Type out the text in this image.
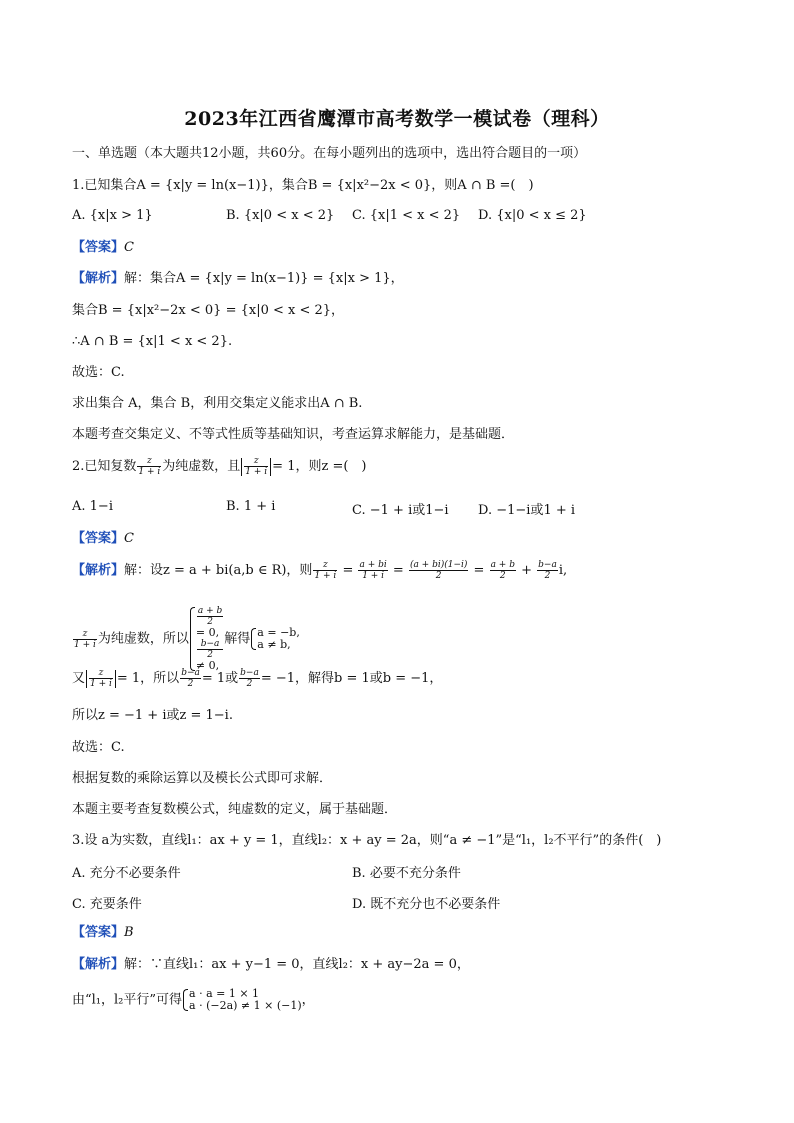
2023年江西省鹰潭市高考数学一模试卷（理科）
一、单选题（本大题共12小题，共60分。在每小题列出的选项中，选出符合题目的一项）
1.已知集合A = {x|y = ln(x−1)}，集合B = {x|x²−2x < 0}，则A ∩ B =(　)
A. {x|x > 1}	B. {x|0 < x < 2} C. {x|1 < x < 2} D. {x|0 < x ≤ 2}
【答案】C
【解析】解：集合A = {x|y = ln(x−1)} = {x|x > 1}，
集合B = {x|x²−2x < 0} = {x|0 < x < 2}，
∴A ∩ B = {x|1 < x < 2}.
故选：C.
求出集合 A，集合 B，利用交集定义能求出A ∩ B.
本题考查交集定义、不等式性质等基础知识，考查运算求解能力，是基础题．
2.已知复数 $\frac{z}{1 + i}$ 为纯虚数，且 $\frac{z}{1 + i} = 1$，则z =(　)
A. 1−i	B. 1 + i	C. −1 + i或1−i D. −1−i或1 + i
【答案】C
【解析】解：设z = a + bi(a,b ∈ R)，则 $\frac{z}{1 + i} = \frac{a + bi}{1 + i} = \frac{(a + bi)(1-i)}{2} = \frac{a + b}{2} + \frac{b-a}{2} i$,
$\frac{z}{1 + i}$ 为纯虚数，所以
a + b
2
= 0,
b−a
2
≠ 0,
解得 a = −b,
a ≠ b,
又 $\frac{z}{1 + i} = 1$，所以 $\frac{b-a}{2} = 1$或 $\frac{b-a}{2} = -1$，解得b = 1或b = −1，
所以z = −1 + i或z = 1−i.
故选：C.
根据复数的乘除运算以及模长公式即可求解．
本题主要考查复数模公式，纯虚数的定义，属于基础题．
3.设 a为实数，直线l₁：ax + y = 1，直线l₂：x + ay = 2a，则“a ≠ −1”是“l₁，l₂不平行”的条件(　)
A. 充分不必要条件	B. 必要不充分条件
C. 充要条件	D. 既不充分也不必要条件
【答案】B
【解析】解：∵直线l₁：ax + y−1 = 0，直线l₂：x + ay−2a = 0，
由“l₁，l₂平行”可得 a · a = 1 × 1
a · (−2a) ≠ 1 × (−1) ，
